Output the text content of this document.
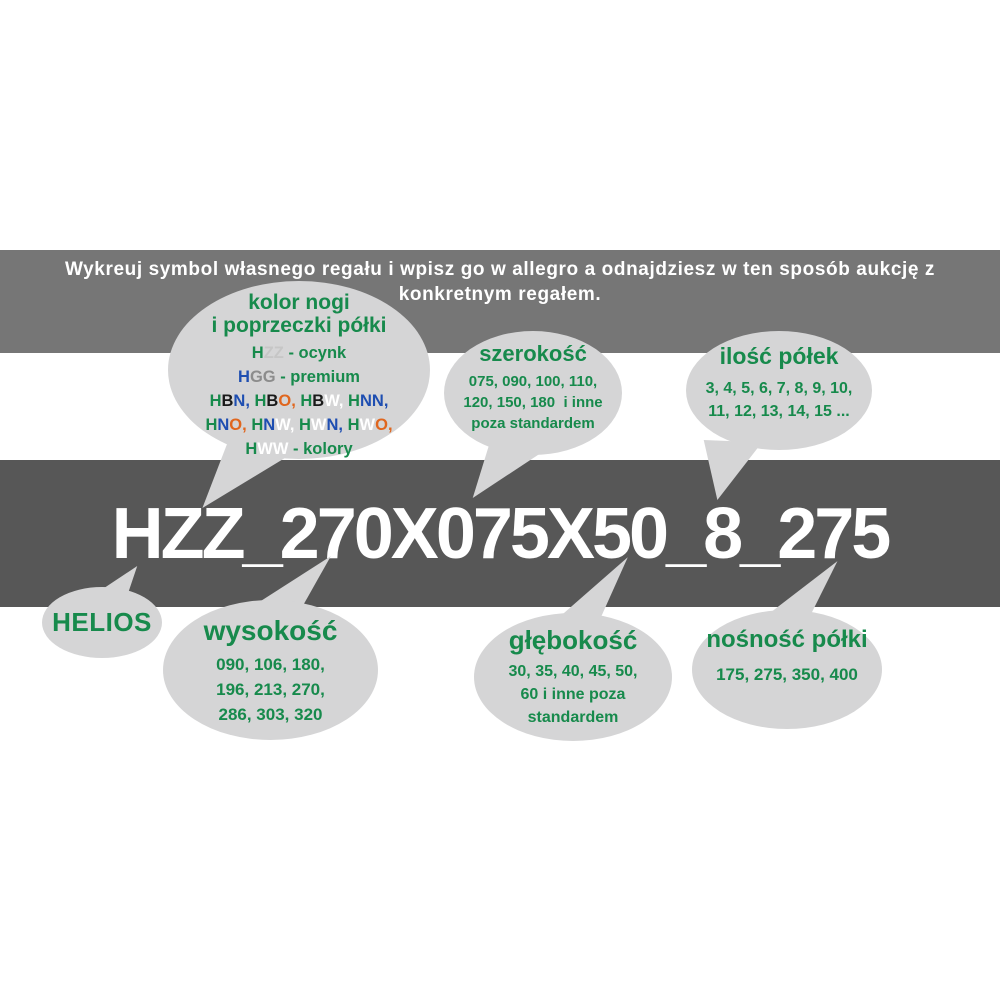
Wykreuj symbol własnego regału i wpisz go w allegro a odnajdziesz w ten sposób aukcję z
konkretnym regałem.
HZZ_270X075X50_8_275
kolor nogi
i poprzeczki półki
HZZ - ocynk
HGG - premium
HBN, HBO, HBW, HNN,
HNO, HNW, HWN, HWO,
HWW - kolory
szerokość
075, 090, 100, 110,
120, 150, 180  i inne
poza standardem
ilość półek
3, 4, 5, 6, 7, 8, 9, 10,
11, 12, 13, 14, 15 ...
HELIOS wysokość
090, 106, 180,
196, 213, 270,
286, 303, 320
głębokość
30, 35, 40, 45, 50,
60 i inne poza
standardem
nośność półki
175, 275, 350, 400
